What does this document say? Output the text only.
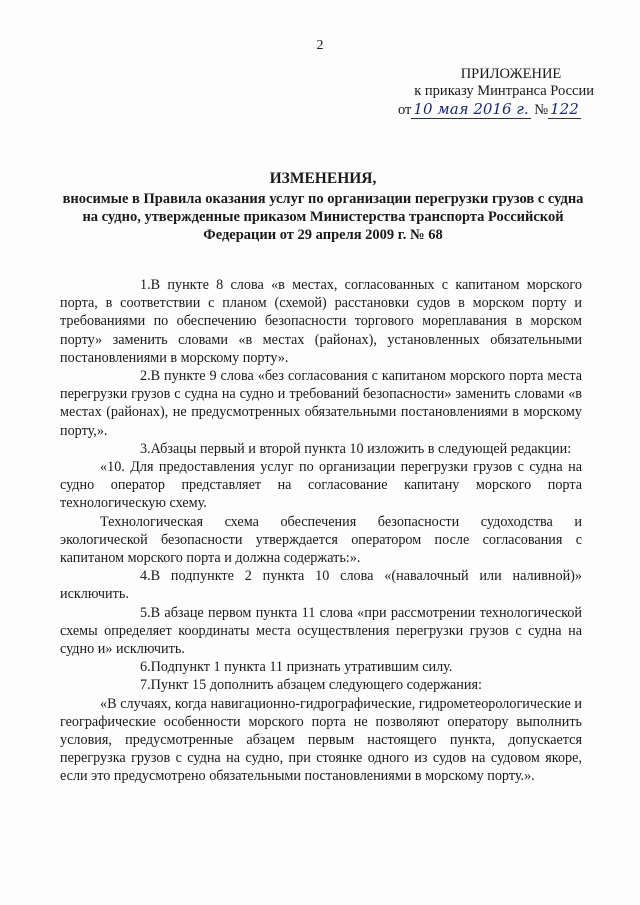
2
ПРИЛОЖЕНИЕ
к приказу Минтранса России
от 10 мая 2016 г. № 122
ИЗМЕНЕНИЯ,
вносимые в Правила оказания услуг по организации перегрузки грузов с судна на судно, утвержденные приказом Министерства транспорта Российской Федерации от 29 апреля 2009 г. № 68

1.В пункте 8 слова «в местах, согласованных с капитаном морского порта, в соответствии с планом (схемой) расстановки судов в морском порту и требованиями по обеспечению безопасности торгового мореплавания в морском порту» заменить словами «в местах (районах), установленных обязательными постановлениями в морскому порту».

2.В пункте 9 слова «без согласования с капитаном морского порта места перегрузки грузов с судна на судно и требований безопасности» заменить словами «в местах (районах), не предусмотренных обязательными постановлениями в морскому порту,».

3.Абзацы первый и второй пункта 10 изложить в следующей редакции:

«10. Для предоставления услуг по организации перегрузки грузов с судна на судно оператор представляет на согласование капитану морского порта технологическую схему.

Технологическая схема обеспечения безопасности судоходства и экологической безопасности утверждается оператором после согласования с капитаном морского порта и должна содержать:».

4.В подпункте 2 пункта 10 слова «(навалочный или наливной)» исключить.

5.В абзаце первом пункта 11 слова «при рассмотрении технологической схемы определяет координаты места осуществления перегрузки грузов с судна на судно и» исключить.

6.Подпункт 1 пункта 11 признать утратившим силу.

7.Пункт 15 дополнить абзацем следующего содержания:

«В случаях, когда навигационно-гидрографические, гидрометеорологические и географические особенности морского порта не позволяют оператору выполнить условия, предусмотренные абзацем первым настоящего пункта, допускается перегрузка грузов с судна на судно, при стоянке одного из судов на судовом якоре, если это предусмотрено обязательными постановлениями в морскому порту.».
